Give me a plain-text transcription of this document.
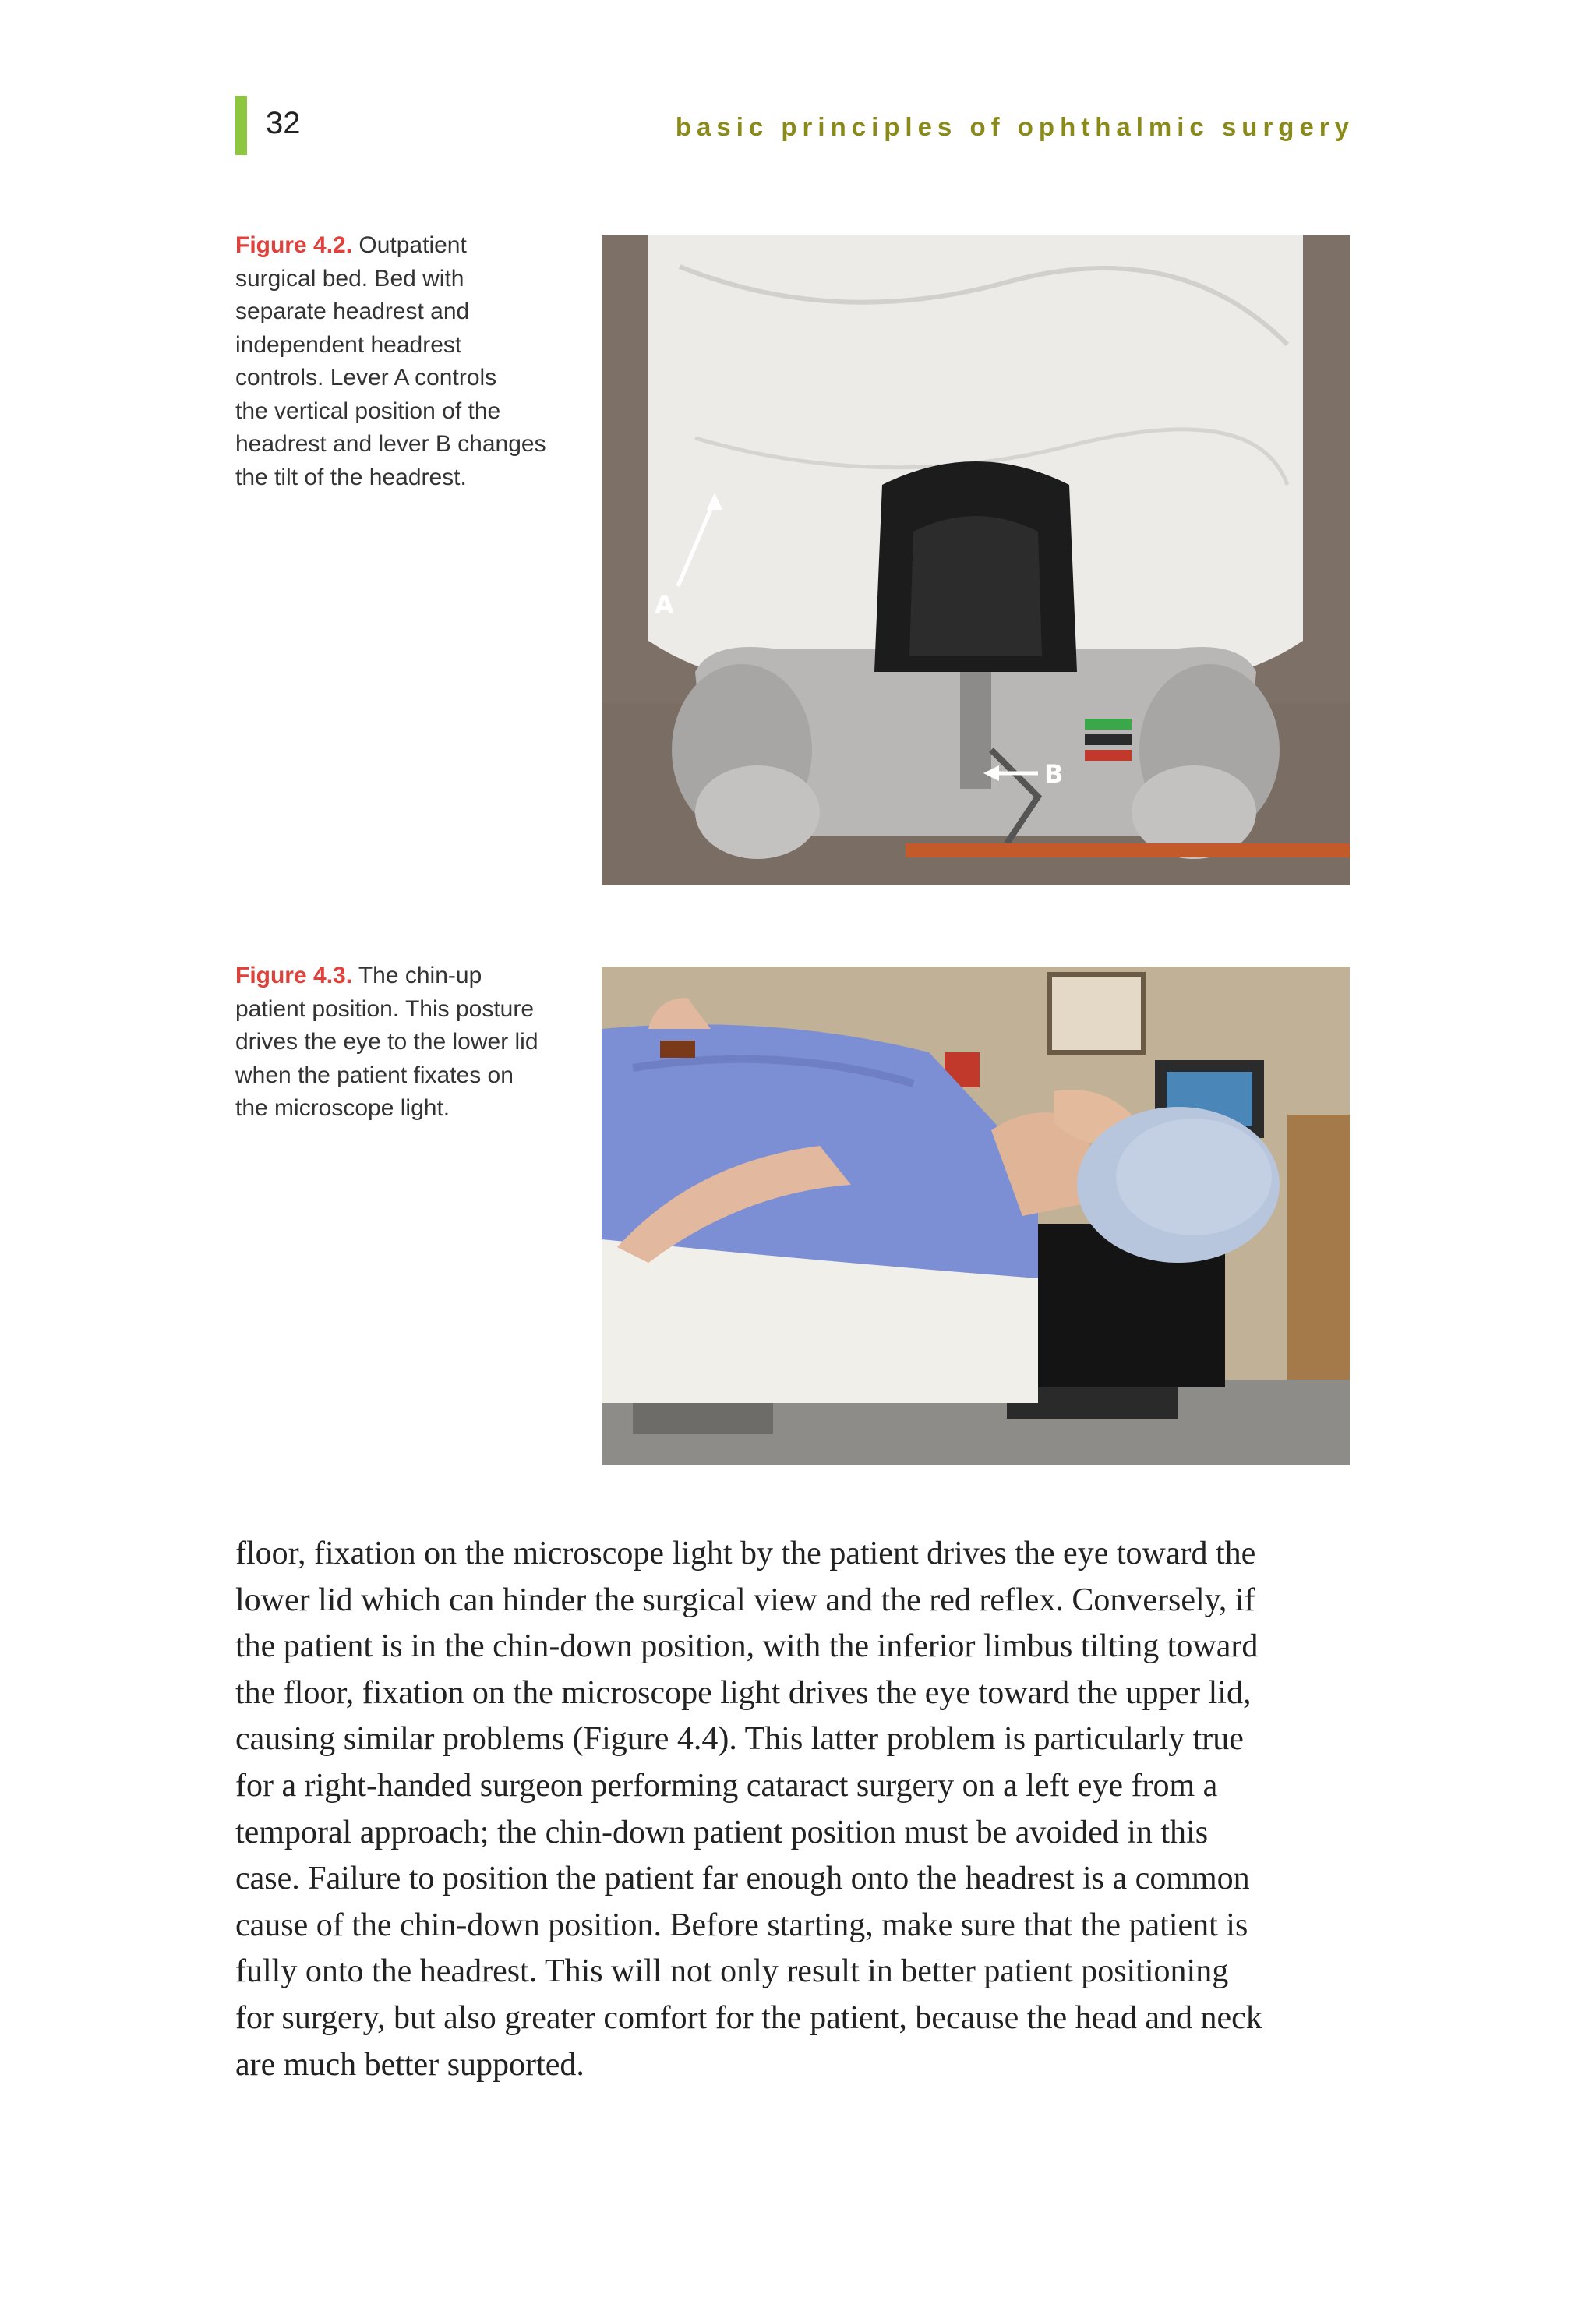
32	basic principles of ophthalmic surgery
Figure 4.2. Outpatient
surgical bed. Bed with
separate headrest and
independent headrest
controls. Lever A controls
the vertical position of the
headrest and lever B changes
the tilt of the headrest.
A
B
Figure 4.3. The chin-up
patient position. This posture
drives the eye to the lower lid
when the patient fixates on
the microscope light.
floor, fixation on the microscope light by the patient drives the eye toward the
lower lid which can hinder the surgical view and the red reflex. Conversely, if
the patient is in the chin-down position, with the inferior limbus tilting toward
the floor, fixation on the microscope light drives the eye toward the upper lid,
causing similar problems (Figure 4.4). This latter problem is particularly true
for a right-handed surgeon performing cataract surgery on a left eye from a
temporal approach; the chin-down patient position must be avoided in this
case. Failure to position the patient far enough onto the headrest is a common
cause of the chin-down position. Before starting, make sure that the patient is
fully onto the headrest. This will not only result in better patient positioning
for surgery, but also greater comfort for the patient, because the head and neck
are much better supported.
